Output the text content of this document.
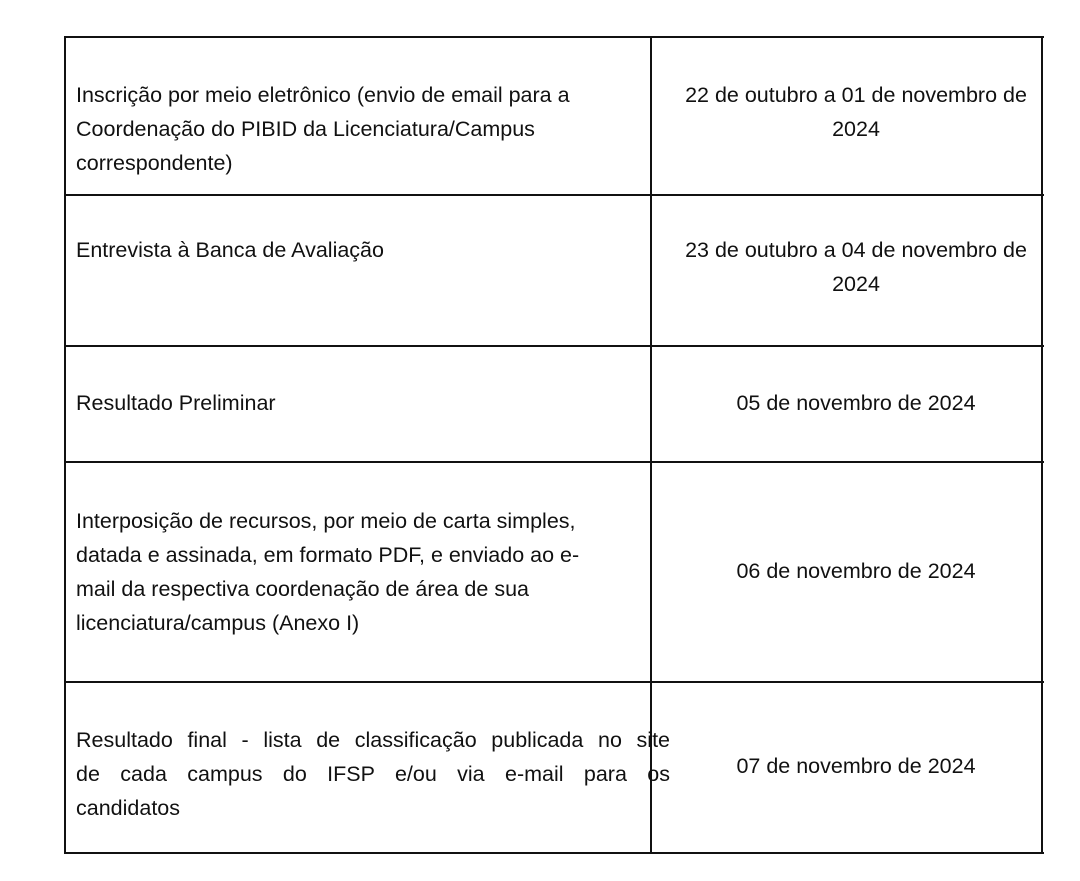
Inscrição por meio eletrônico (envio de email para a
Coordenação do PIBID da Licenciatura/Campus
correspondente)
22 de outubro a 01 de novembro de
2024
Entrevista à Banca de Avaliação	23 de outubro a 04 de novembro de
2024
Resultado Preliminar	05 de novembro de 2024
Interposição de recursos, por meio de carta simples,
datada e assinada, em formato PDF, e enviado ao e-
mail da respectiva coordenação de área de sua
licenciatura/campus (Anexo I)
06 de novembro de 2024
Resultado final - lista de classificação publicada no site
de cada campus do IFSP e/ou via e-mail para os
candidatos
07 de novembro de 2024
